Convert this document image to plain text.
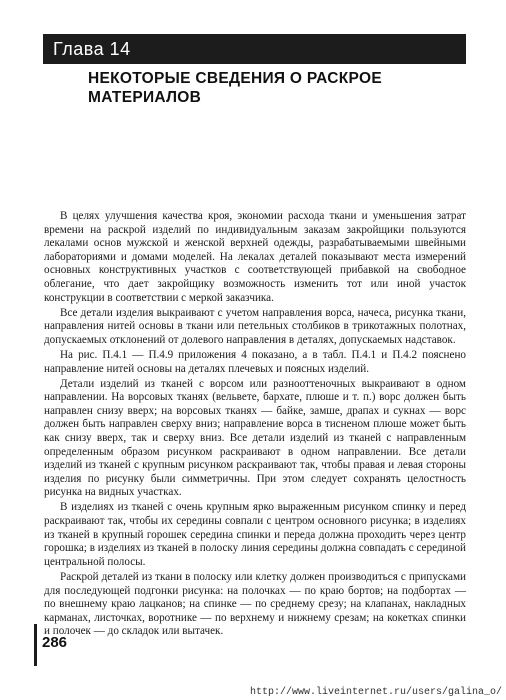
Глава 14
НЕКОТОРЫЕ СВЕДЕНИЯ О РАСКРОЕ МАТЕРИАЛОВ

В целях улучшения качества кроя, экономии расхода ткани и уменьшения затрат времени на раскрой изделий по индивидуальным заказам закройщики пользуются лекалами основ мужской и женской верхней одежды, разрабатываемыми швейными лабораториями и домами моделей. На лекалах деталей показывают места измерений основных конструктивных участков с соответствующей прибавкой на свободное облегание, что дает закройщику возможность изменить тот или иной участок конструкции в соответствии с меркой заказчика.

Все детали изделия выкраивают с учетом направления ворса, начеса, рисунка ткани, направления нитей основы в ткани или петельных столбиков в трикотажных полотнах, допускаемых отклонений от долевого направления в деталях, допускаемых надставок.

На рис. П.4.1 — П.4.9 приложения 4 показано, а в табл. П.4.1 и П.4.2 пояснено направление нитей основы на деталях плечевых и поясных изделий.

Детали изделий из тканей с ворсом или разнооттеночных выкраивают в одном направлении. На ворсовых тканях (вельвете, бархате, плюше и т. п.) ворс должен быть направлен снизу вверх; на ворсовых тканях — байке, замше, драпах и сукнах — ворс должен быть направлен сверху вниз; направление ворса в тисненом плюше может быть как снизу вверх, так и сверху вниз. Все детали изделий из тканей с направленным определенным образом рисунком раскраивают в одном направлении. Все детали изделий из тканей с крупным рисунком раскраивают так, чтобы правая и левая стороны изделия по рисунку были симметричны. При этом следует сохранять целостность рисунка на видных участках.

В изделиях из тканей с очень крупным ярко выраженным рисунком спинку и перед раскраивают так, чтобы их середины совпали с центром основного рисунка; в изделиях из тканей в крупный горошек середина спинки и переда должна проходить через центр горошка; в изделиях из тканей в полоску линия середины должна совпадать с серединой центральной полосы.

Раскрой деталей из ткани в полоску или клетку должен производиться с припусками для последующей подгонки рисунка: на полочках — по краю бортов; на подбортах — по внешнему краю лацканов; на спинке — по среднему срезу; на клапанах, накладных карманах, листочках, воротнике — по верхнему и нижнему срезам; на кокетках спинки и полочек — до складок или вытачек.

286
http://www.liveinternet.ru/users/galina_o/
